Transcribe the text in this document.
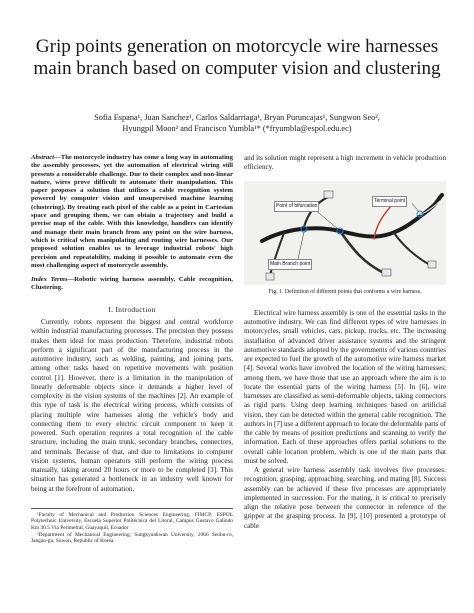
Grip points generation on motorcycle wire harnesses main branch based on computer vision and clustering
Sofia Espana¹, Juan Sanchez¹, Carlos Saldarriaga¹, Bryan Puruncajas¹, Sungwon Seo²,
Hyungpil Moon² and Francisco Yumbla¹* (*fryumbla@espol.edu.ec)

Abstract—The motorcycle industry has come a long way in automating the assembly processes, yet the automation of electrical wiring still presents a considerable challenge. Due to their complex and non-linear nature, wires prove difficult to automate their manipulation. This paper proposes a solution that utilizes a cable recognition system powered by computer vision and unsupervised machine learning (clustering). By treating each pixel of the cable as a point in Cartesian space and grouping them, we can obtain a trajectory and build a precise map of the cable. With this knowledge, handlers can identify and manage their main branch from any point on the wire harness, which is critical when manipulating and routing wire harnesses. Our proposed solution enables us to leverage industrial robots' high precision and repeatability, making it possible to automate even the most challenging aspect of motorcycle assembly.

Index Terms—Robotic wiring harness assembly, Cable recognition, Clustering.

I. Introduction

Currently, robots represent the biggest and central workforce within industrial manufacturing processes. The precision they possess makes them ideal for mass production. Therefore, industrial robots perform a significant part of the manufacturing process in the automotive industry, such as welding, painting, and joining parts, among other tasks based on repetitive movements with position control [1]. However, there is a limitation in the manipulation of linearly deformable objects since it demands a higher level of complexity in the vision systems of the machines [2]. An example of this type of task is the electrical wiring process, which consists of placing multiple wire harnesses along the vehicle's body and connecting them to every electric circuit component to keep it powered. Such operation requires a total recognition of the cable structure, including the main trunk, secondary branches, connectors, and terminals. Because of that, and due to limitations in computer vision systems, human operators still perform the wiring process manually, taking around 20 hours or more to be completed [3]. This situation has generated a bottleneck in an industry well known for being at the forefront of automation,

¹Faculty of Mechanical and Production Sciences Engineering, FIMCP, ESPOL Polytechnic University, Escuela Superior Politécnica del Litoral, Campus Gustavo Galindo Km 30.5 Vía Perimetral, Guayaquil, Ecuador
²Department of Mechanical Engineering, Sungkyunkwan University, 2066 Seobu-ro, Jangan-gu, Suwon, Republic of Korea.

and its solution might represent a high increment in vehicle production efficiency.

Terminal point
Point of bifurcation
Main Branch point
Fig. 1. Definition of different points that conforms a wire harness.

Electrical wire harness assembly is one of the essential tasks in the automotive industry. We can find different types of wire harnesses in motorcycles, small vehicles, cars, pickup, trucks, etc. The increasing installation of advanced driver assistance systems and the stringent automotive standards adopted by the governments of various countries are expected to fuel the growth of the automotive wire harness market [4]. Several works have involved the location of the wiring harnesses; among them, we have those that use an approach where the aim is to locate the essential parts of the wiring harness [5]. In [6], wire harnesses are classified as semi-deformable objects, taking connectors as rigid parts. Using deep learning techniques based on artificial vision, they can be detected within the general cable recognition. The authors in [7] use a different approach to locate the deformable parts of the cable by means of position predictions and scanning to verify the information. Each of these approaches offers partial solutions to the overall cable location problem, which is one of the main parts that must be solved.

A general wire harness assembly task involves five processes: recognition, grasping, approaching, searching, and mating [8]. Success assembly can be achieved if these five processes are appropriately implemented in succession. For the mating, it is critical to precisely align the relative pose between the connector in reference of the gripper at the grasping process. In [9], [10] presented a prototype of cable
